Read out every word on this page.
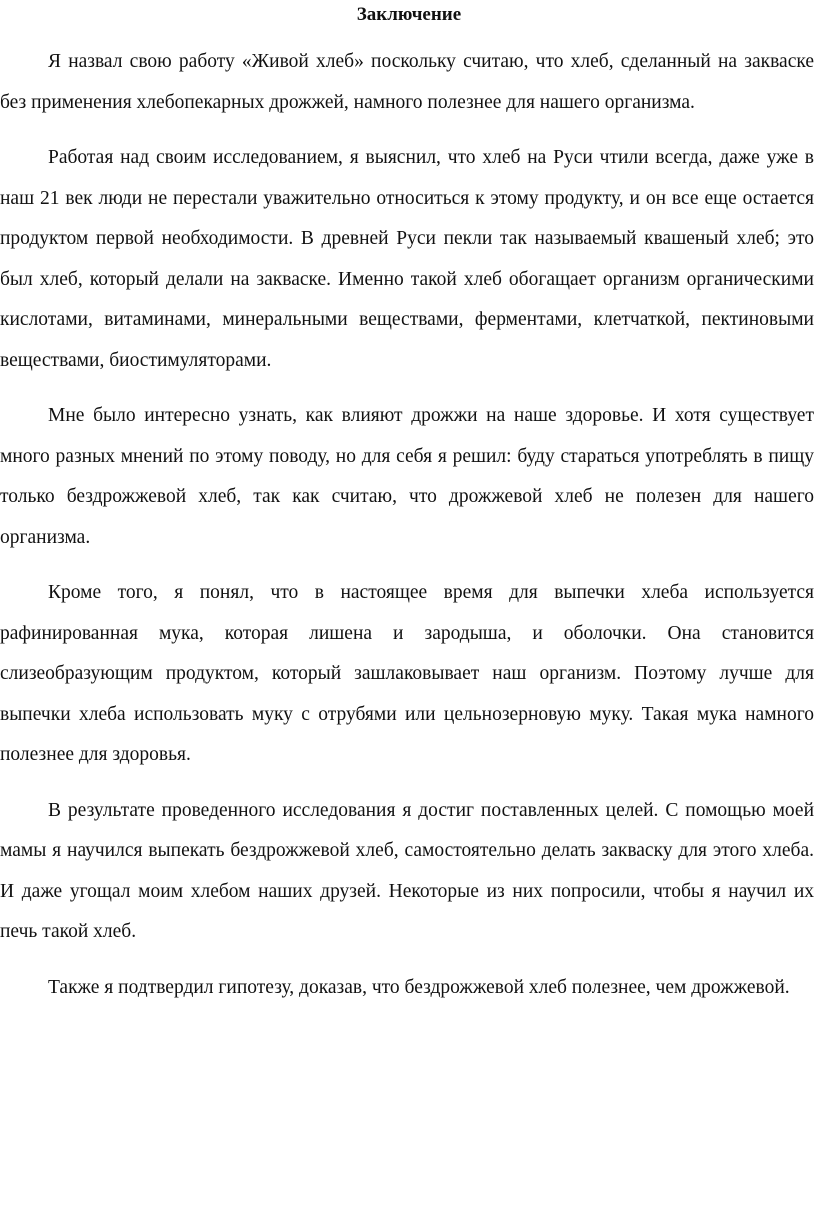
Заключение

Я назвал свою работу «Живой хлеб» поскольку считаю, что хлеб, сделанный на закваске без применения хлебопекарных дрожжей, намного полезнее для нашего организма.

Работая над своим исследованием, я выяснил, что хлеб на Руси чтили всегда, даже уже в наш 21 век люди не перестали уважительно относиться к этому продукту, и он все еще остается продуктом первой необходимости. В древней Руси пекли так называемый квашеный хлеб; это был хлеб, который делали на закваске. Именно такой хлеб обогащает организм органическими кислотами, витаминами, минеральными веществами, ферментами, клетчаткой, пектиновыми веществами, биостимуляторами.

Мне было интересно узнать, как влияют дрожжи на наше здоровье. И хотя существует много разных мнений по этому поводу, но для себя я решил: буду стараться употреблять в пищу только бездрожжевой хлеб, так как считаю, что дрожжевой хлеб не полезен для нашего организма.

Кроме того, я понял, что в настоящее время для выпечки хлеба используется рафинированная мука, которая лишена и зародыша, и оболочки. Она становится слизеобразующим продуктом, который зашлаковывает наш организм. Поэтому лучше для выпечки хлеба использовать муку с отрубями или цельнозерновую муку. Такая мука намного полезнее для здоровья.

В результате проведенного исследования я достиг поставленных целей. С помощью моей мамы я научился выпекать бездрожжевой хлеб, самостоятельно делать закваску для этого хлеба. И даже угощал моим хлебом наших друзей. Некоторые из них попросили, чтобы я научил их печь такой хлеб.

Также я подтвердил гипотезу, доказав, что бездрожжевой хлеб полезнее, чем дрожжевой.
